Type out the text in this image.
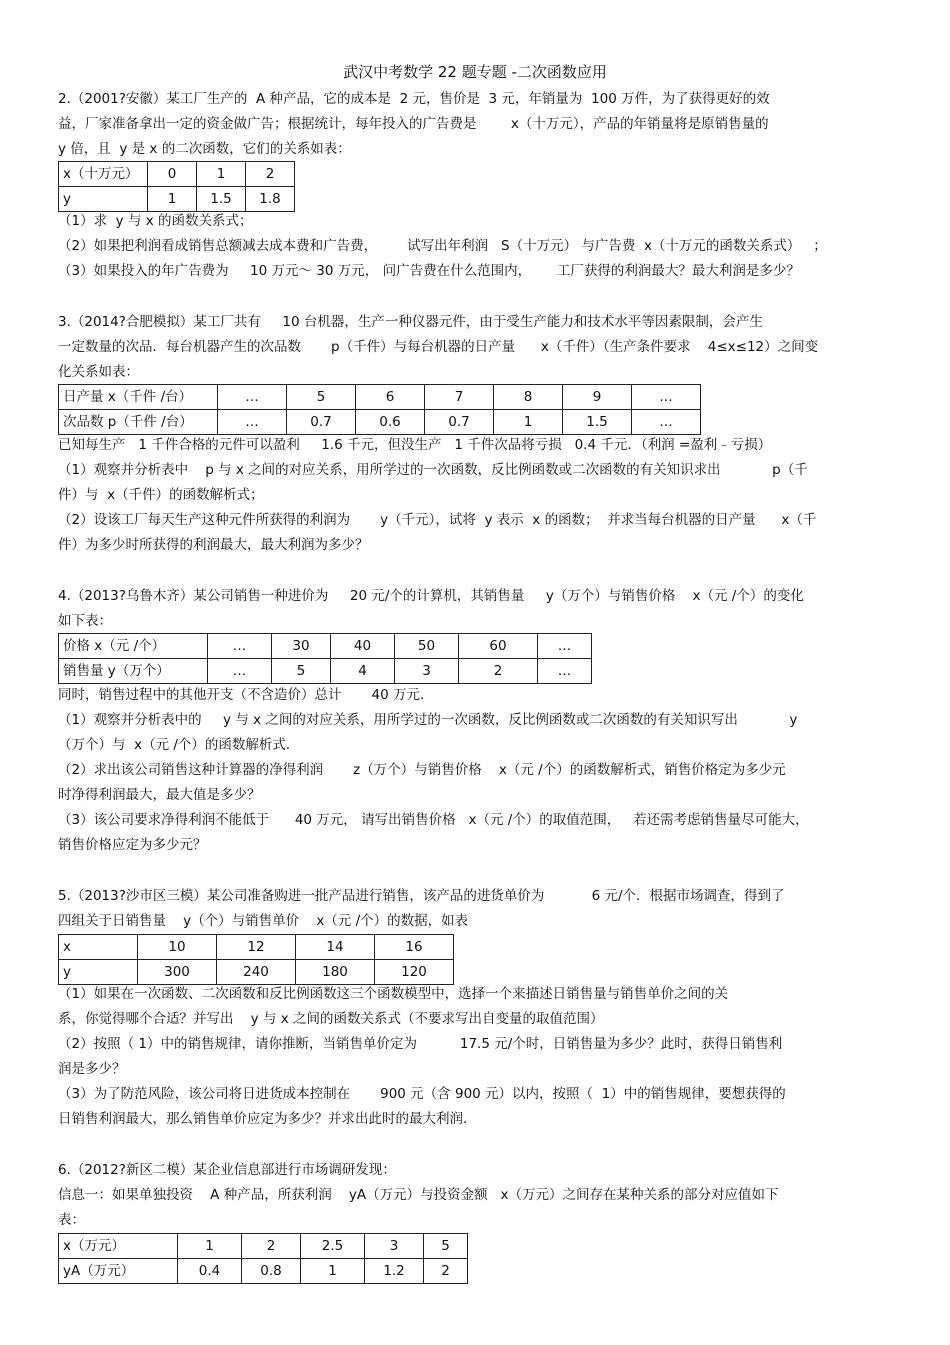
武汉中考数学 22 题专题 -二次函数应用
2.（2001?安徽）某工厂生产的  A 种产品，它的成本是  2 元，售价是  3 元，年销量为  100 万件，为了获得更好的效
益，厂家准备拿出一定的资金做广告；根据统计，每年投入的广告费是        x（十万元），产品的年销量将是原销售量的
y 倍，且  y 是 x 的二次函数，它们的关系如表：
x（十万元）	0	1	2
y	1	1.5	1.8
（1）求  y 与 x 的函数关系式；
（2）如果把利润看成销售总额减去成本费和广告费，       试写出年利润   S（十万元） 与广告费  x（十万元的函数关系式）   ；
（3）如果投入的年广告费为     10 万元～ 30 万元， 问广告费在什么范围内，      工厂获得的利润最大？最大利润是多少？
3.（2014?合肥模拟）某工厂共有     10 台机器，生产一种仪器元件，由于受生产能力和技术水平等因素限制，会产生
一定数量的次品．每台机器产生的次品数       p（千件）与每台机器的日产量      x（千件）（生产条件要求    4≤x≤12）之间变
化关系如表：
日产量 x（千件 /台）	…	5	6	7	8	9	…
次品数 p（千件 /台）	…	0.7	0.6	0.7	1	1.5	…
已知每生产   1 千件合格的元件可以盈利     1.6 千元，但没生产   1 千件次品将亏损   0.4 千元．（利润 =盈利﹣亏损）
（1）观察并分析表中    p 与 x 之间的对应关系，用所学过的一次函数，反比例函数或二次函数的有关知识求出            p（千
件）与  x（千件）的函数解析式；
（2）设该工厂每天生产这种元件所获得的利润为       y（千元），试将  y 表示  x 的函数；  并求当每台机器的日产量      x（千
件）为多少时所获得的利润最大，最大利润为多少？
4.（2013?乌鲁木齐）某公司销售一种进价为     20 元/个的计算机，其销售量     y（万个）与销售价格    x（元 /个）的变化
如下表：
价格 x（元 /个）	…	30	40	50	60	…
销售量 y（万个）	…	5	4	3	2	…
同时，销售过程中的其他开支（不含造价）总计       40 万元．
（1）观察并分析表中的     y 与 x 之间的对应关系，用所学过的一次函数，反比例函数或二次函数的有关知识写出            y
（万个）与  x（元 /个）的函数解析式．
（2）求出该公司销售这种计算器的净得利润       z（万个）与销售价格    x（元 /个）的函数解析式，销售价格定为多少元
时净得利润最大，最大值是多少？
（3）该公司要求净得利润不能低于      40 万元， 请写出销售价格   x（元 /个）的取值范围，   若还需考虑销售量尽可能大，
销售价格应定为多少元？
5.（2013?沙市区三模）某公司准备购进一批产品进行销售，该产品的进货单价为           6 元/个．根据市场调查，得到了
四组关于日销售量    y（个）与销售单价    x（元 /个）的数据，如表
x	10	12	14	16
y	300	240	180	120
（1）如果在一次函数、二次函数和反比例函数这三个函数模型中，选择一个来描述日销售量与销售单价之间的关
系，你觉得哪个合适？并写出    y 与 x 之间的函数关系式（不要求写出自变量的取值范围）
（2）按照（ 1）中的销售规律，请你推断，当销售单价定为          17.5 元/个时，日销售量为多少？此时，获得日销售利
润是多少？
（3）为了防范风险，该公司将日进货成本控制在       900 元（含 900 元）以内，按照（  1）中的销售规律，要想获得的
日销售利润最大，那么销售单价应定为多少？并求出此时的最大利润．
6.（2012?新区二模）某企业信息部进行市场调研发现：
信息一：如果单独投资    A 种产品，所获利润    yA（万元）与投资金额   x（万元）之间存在某种关系的部分对应值如下
表：
x（万元）	1	2	2.5	3	5
yA（万元）	0.4	0.8	1	1.2	2
